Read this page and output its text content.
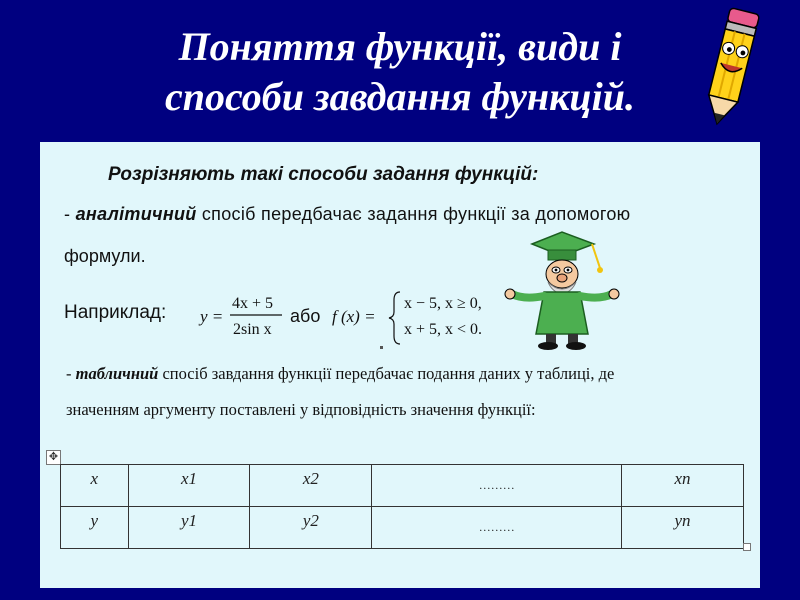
Поняття функції, види і
способи завдання функцій.
Розрізняють такі способи задання функцій:
- аналітичний спосіб передбачає задання функції за допомогою
формули.
Наприклад: y =
4x + 5
2sin x
або f (x) =
x − 5, x ≥ 0,
x + 5, x < 0.
- табличний спосіб завдання функції передбачає подання даних у таблиці, де
значенням аргументу поставлені у відповідність значення функції:
✥
x	x1	x2	………	xn
y	y1	y2	………	yn
